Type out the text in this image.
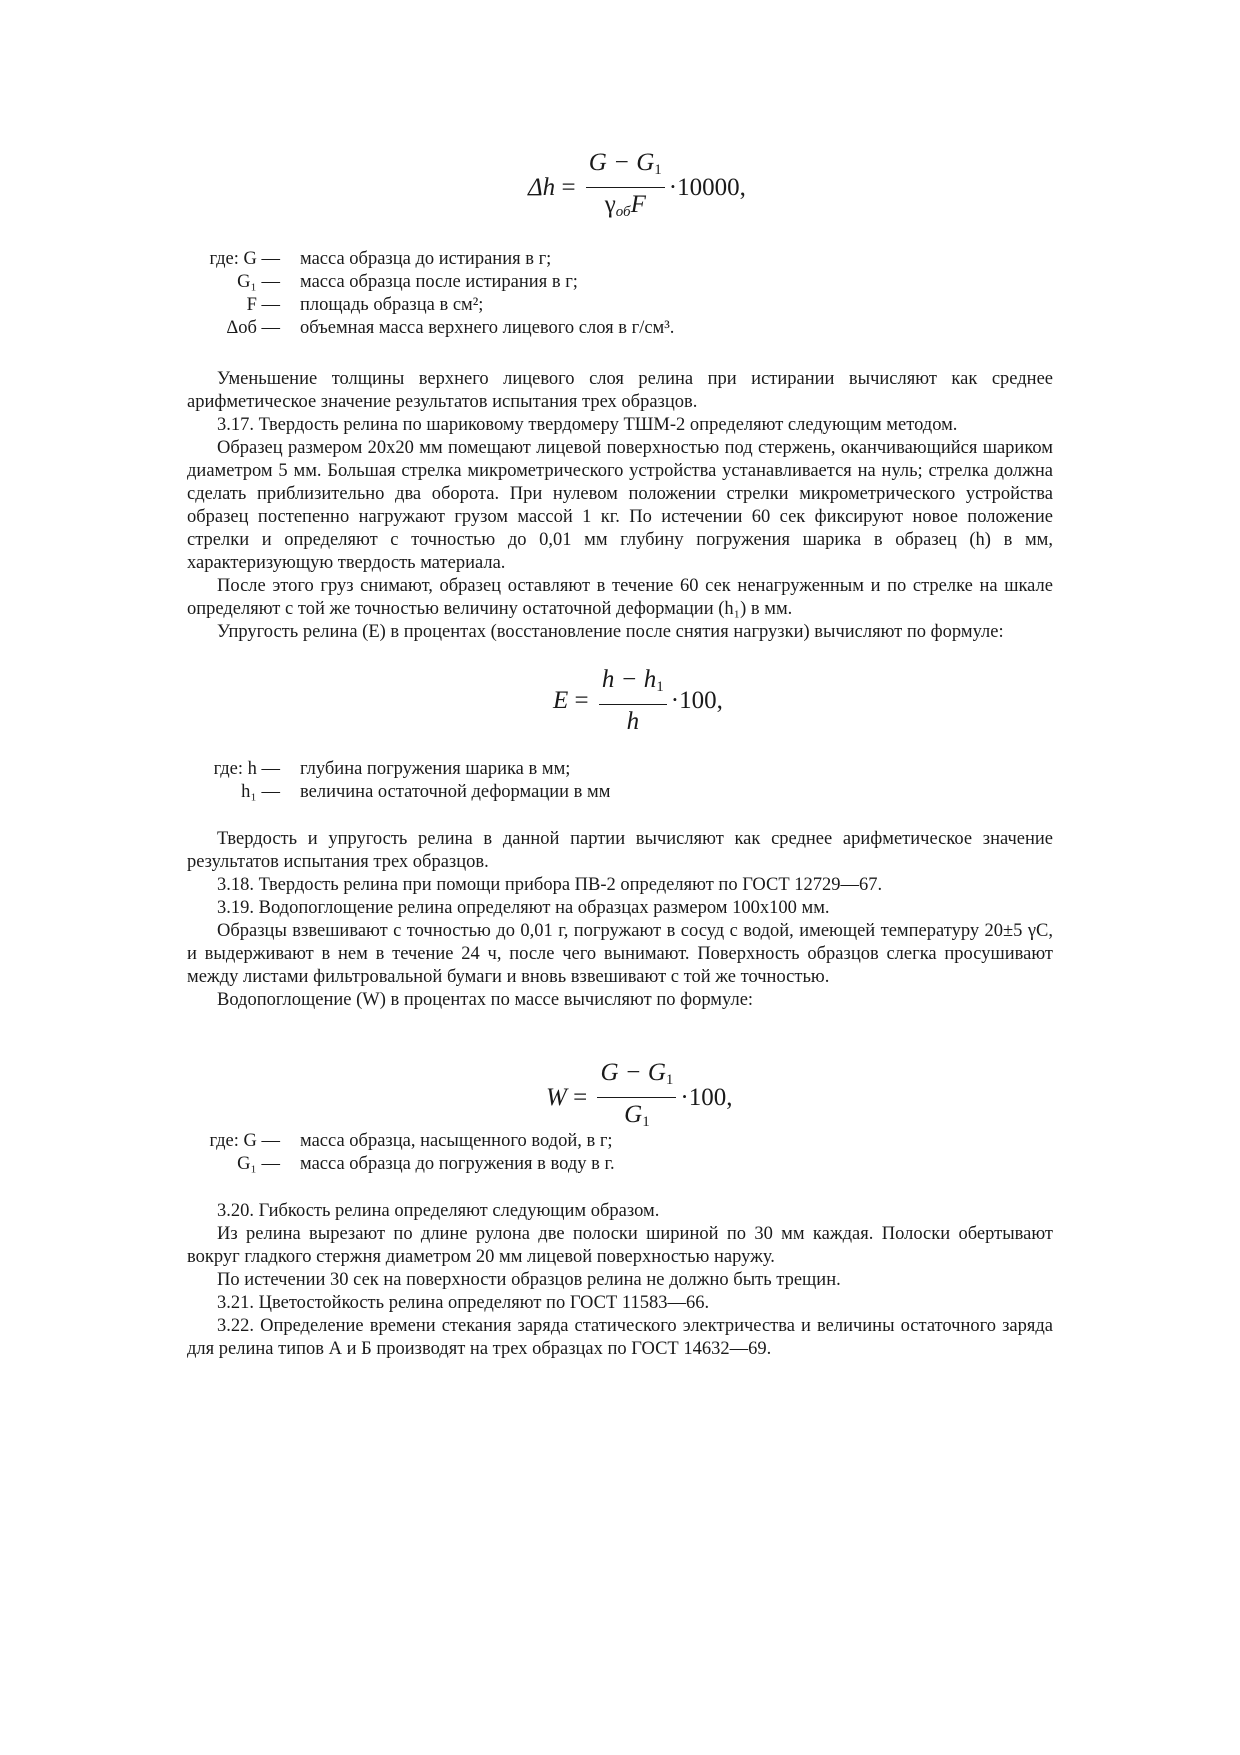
$\Delta h = \frac{G - G_1}{\gamma_{об}F} \cdot 10000$,
где: G —	масса образца до истирания в г;
G₁ —	масса образца после истирания в г;
F —	площадь образца в см²;
Δоб —	объемная масса верхнего лицевого слоя в г/см³.

Уменьшение толщины верхнего лицевого слоя релина при истирании вычисляют как среднее арифметическое значение результатов испытания трех образцов.

3.17. Твердость релина по шариковому твердомеру ТШМ-2 определяют следующим методом.

Образец размером 20x20 мм помещают лицевой поверхностью под стержень, оканчивающийся шариком диаметром 5 мм. Большая стрелка микрометрического устройства устанавливается на нуль; стрелка должна сделать приблизительно два оборота. При нулевом положении стрелки микрометрического устройства образец постепенно нагружают грузом массой 1 кг. По истечении 60 сек фиксируют новое положение стрелки и определяют с точностью до 0,01 мм глубину погружения шарика в образец (h) в мм, характеризующую твердость материала.

После этого груз снимают, образец оставляют в течение 60 сек ненагруженным и по стрелке на шкале определяют с той же точностью величину остаточной деформации (h₁) в мм.

Упругость релина (E) в процентах (восстановление после снятия нагрузки) вычисляют по формуле:

$E = \frac{h - h_1}{h} \cdot 100$,
где: h —	глубина погружения шарика в мм;
h₁ —	величина остаточной деформации в мм

Твердость и упругость релина в данной партии вычисляют как среднее арифметическое значение результатов испытания трех образцов.

3.18. Твердость релина при помощи прибора ПВ-2 определяют по ГОСТ 12729—67.

3.19. Водопоглощение релина определяют на образцах размером 100x100 мм.

Образцы взвешивают с точностью до 0,01 г, погружают в сосуд с водой, имеющей температуру 20±5 γС, и выдерживают в нем в течение 24 ч, после чего вынимают. Поверхность образцов слегка просушивают между листами фильтровальной бумаги и вновь взвешивают с той же точностью.

Водопоглощение (W) в процентах по массе вычисляют по формуле:

$W = \frac{G - G_1}{G_1} \cdot 100$,
где: G —	масса образца, насыщенного водой, в г;
G₁ —	масса образца до погружения в воду в г.

3.20. Гибкость релина определяют следующим образом.

Из релина вырезают по длине рулона две полоски шириной по 30 мм каждая. Полоски обертывают вокруг гладкого стержня диаметром 20 мм лицевой поверхностью наружу.

По истечении 30 сек на поверхности образцов релина не должно быть трещин.

3.21. Цветостойкость релина определяют по ГОСТ 11583—66.

3.22. Определение времени стекания заряда статического электричества и величины остаточного заряда для релина типов А и Б производят на трех образцах по ГОСТ 14632—69.
